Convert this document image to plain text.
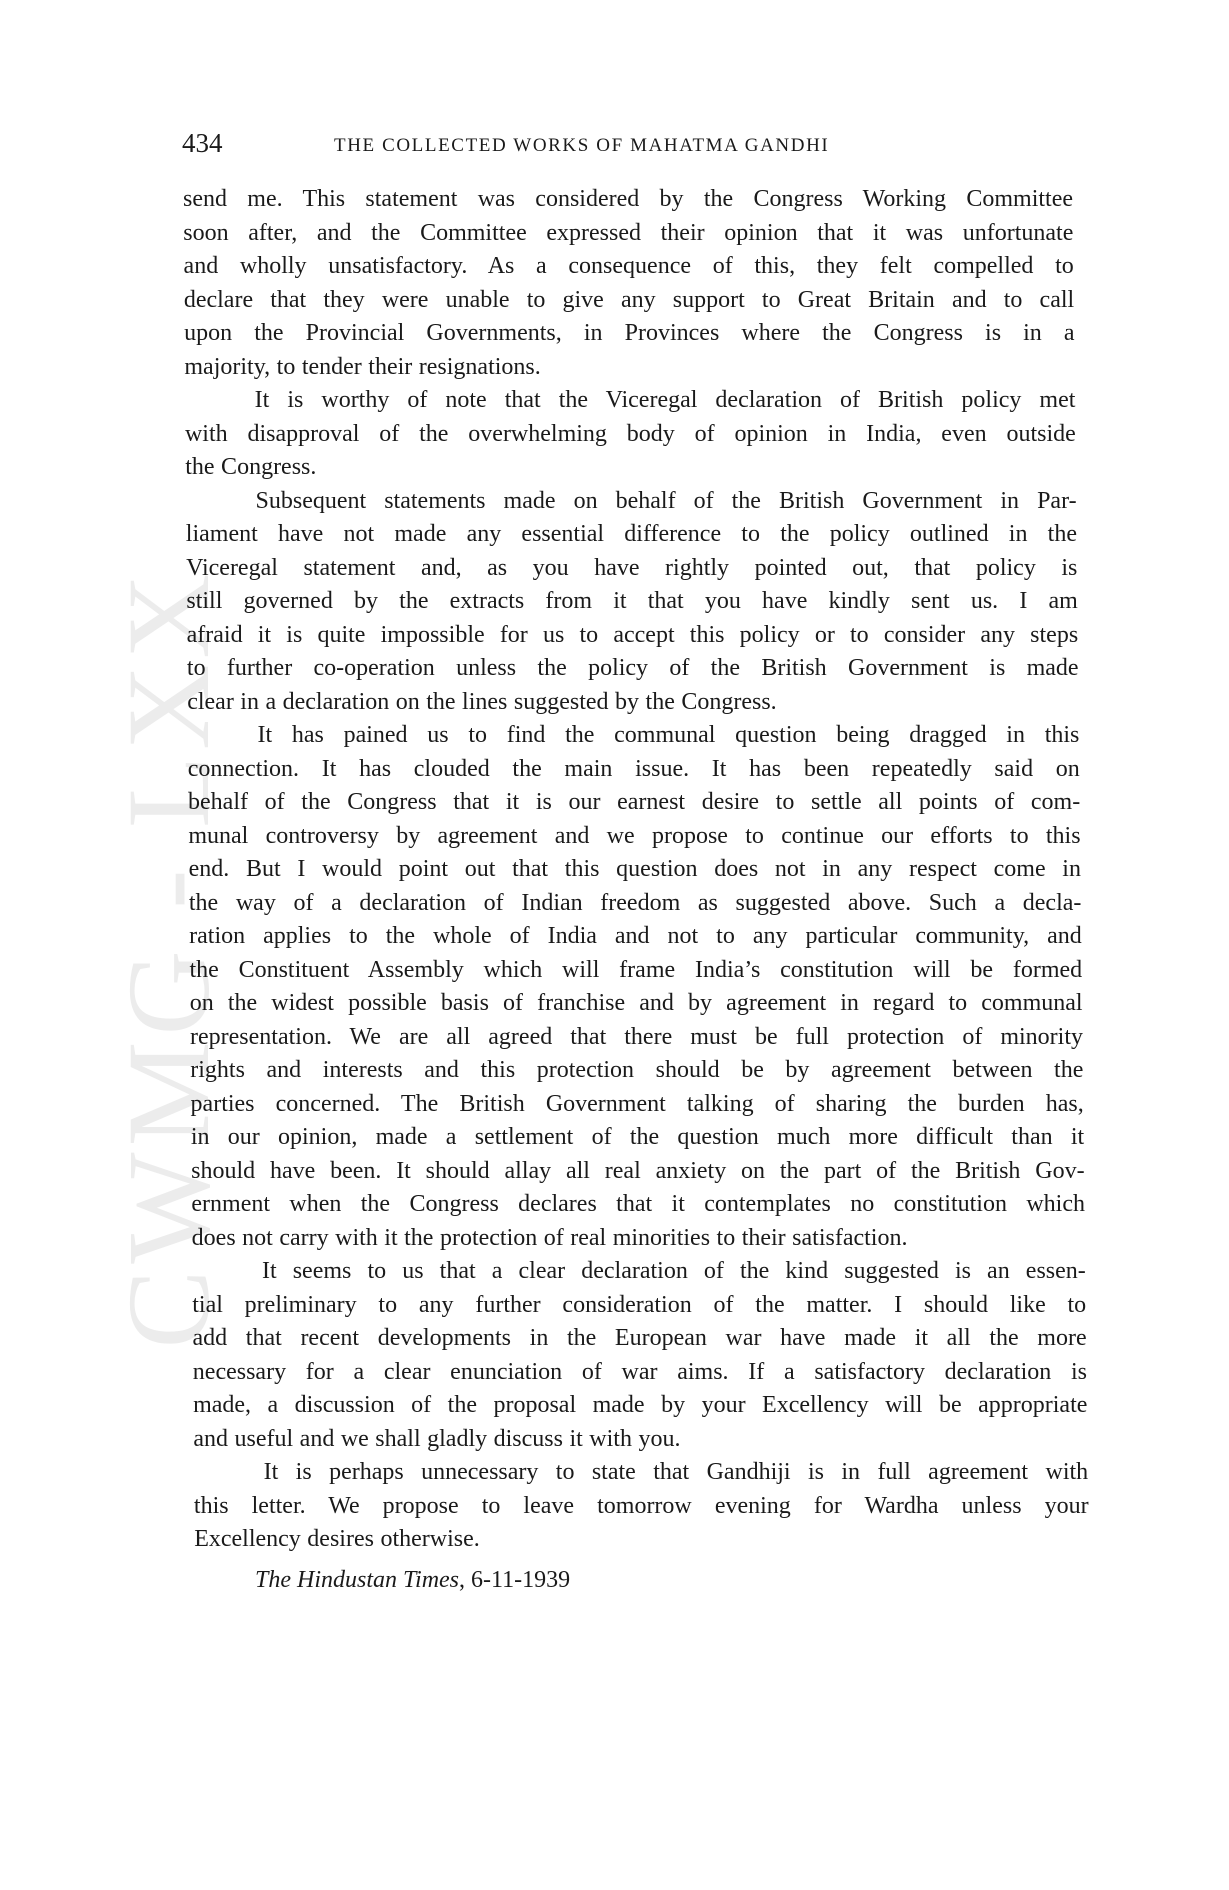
CWMG - LXX
434	THE COLLECTED WORKS OF MAHATMA GANDHI
send me. This statement was considered by the Congress Working Committee
soon after, and the Committee expressed their opinion that it was unfortunate
and wholly unsatisfactory. As a consequence of this, they felt compelled to
declare that they were unable to give any support to Great Britain and to call
upon the Provincial Governments, in Provinces where the Congress is in a
majority, to tender their resignations.
It is worthy of note that the Viceregal declaration of British policy met
with disapproval of the overwhelming body of opinion in India, even outside
the Congress.
Subsequent statements made on behalf of the British Government in Par-
liament have not made any essential difference to the policy outlined in the
Viceregal statement and, as you have rightly pointed out, that policy is
still governed by the extracts from it that you have kindly sent us. I am
afraid it is quite impossible for us to accept this policy or to consider any steps
to further co-operation unless the policy of the British Government is made
clear in a declaration on the lines suggested by the Congress.
It has pained us to find the communal question being dragged in this
connection. It has clouded the main issue. It has been repeatedly said on
behalf of the Congress that it is our earnest desire to settle all points of com-
munal controversy by agreement and we propose to continue our efforts to this
end. But I would point out that this question does not in any respect come in
the way of a declaration of Indian freedom as suggested above. Such a decla-
ration applies to the whole of India and not to any particular community, and
the Constituent Assembly which will frame India’s constitution will be formed
on the widest possible basis of franchise and by agreement in regard to communal
representation. We are all agreed that there must be full protection of minority
rights and interests and this protection should be by agreement between the
parties concerned. The British Government talking of sharing the burden has,
in our opinion, made a settlement of the question much more difficult than it
should have been. It should allay all real anxiety on the part of the British Gov-
ernment when the Congress declares that it contemplates no constitution which
does not carry with it the protection of real minorities to their satisfaction.
It seems to us that a clear declaration of the kind suggested is an essen-
tial preliminary to any further consideration of the matter. I should like to
add that recent developments in the European war have made it all the more
necessary for a clear enunciation of war aims. If a satisfactory declaration is
made, a discussion of the proposal made by your Excellency will be appropriate
and useful and we shall gladly discuss it with you.
It is perhaps unnecessary to state that Gandhiji is in full agreement with
this letter. We propose to leave tomorrow evening for Wardha unless your
Excellency desires otherwise.
The Hindustan Times, 6-11-1939
